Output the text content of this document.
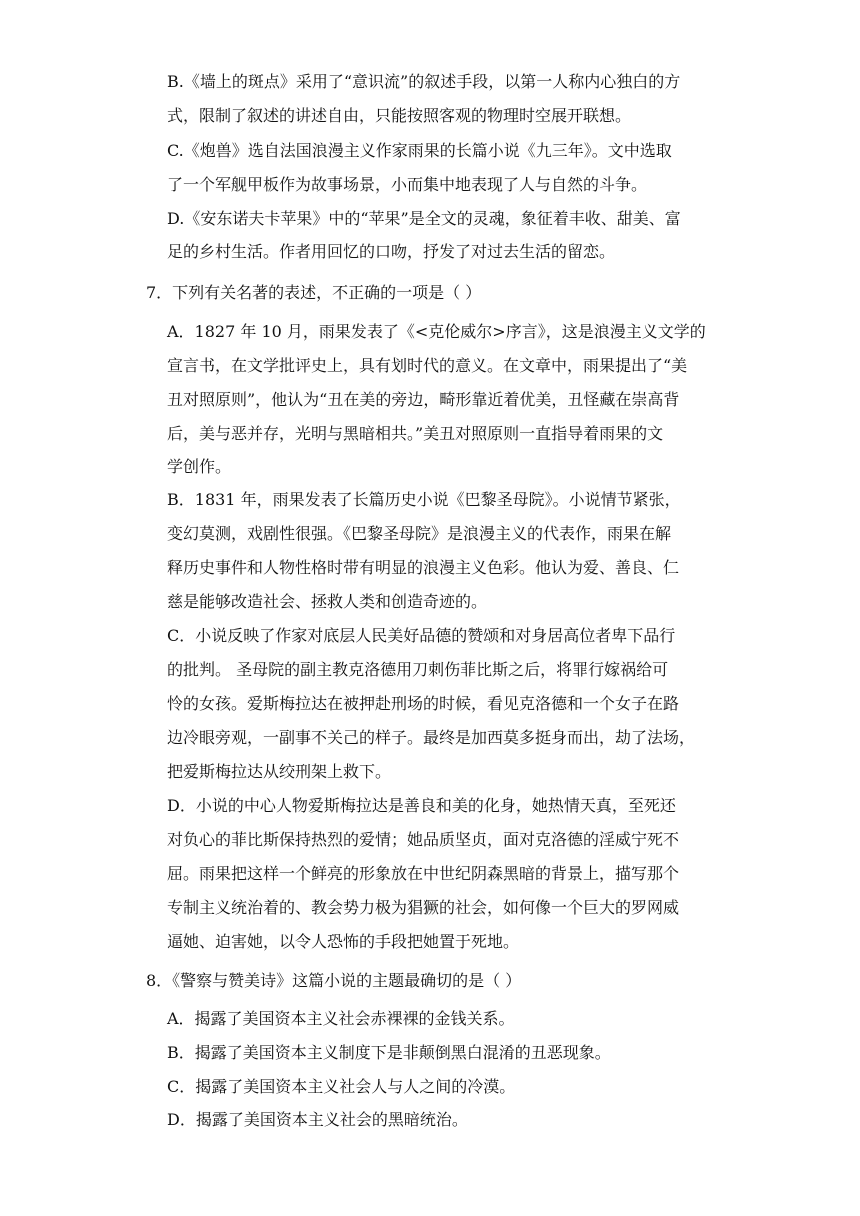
B.《墙上的斑点》采用了“意识流”的叙述手段，以第一人称内心独白的方
式，限制了叙述的讲述自由，只能按照客观的物理时空展开联想。
C.《炮兽》选自法国浪漫主义作家雨果的长篇小说《九三年》。文中选取
了一个军舰甲板作为故事场景，小而集中地表现了人与自然的斗争。
D.《安东诺夫卡苹果》中的“苹果”是全文的灵魂，象征着丰收、甜美、富
足的乡村生活。作者用回忆的口吻，抒发了对过去生活的留恋。
7．下列有关名著的表述，不正确的一项是（ ）
A．1827 年 10 月，雨果发表了《<克伦威尔>序言》，这是浪漫主义文学的
宣言书，在文学批评史上，具有划时代的意义。在文章中，雨果提出了“美
丑对照原则”，他认为“丑在美的旁边，畸形靠近着优美，丑怪藏在崇高背
后，美与恶并存，光明与黑暗相共。”美丑对照原则一直指导着雨果的文
学创作。
B．1831 年，雨果发表了长篇历史小说《巴黎圣母院》。小说情节紧张，
变幻莫测，戏剧性很强。《巴黎圣母院》是浪漫主义的代表作，雨果在解
释历史事件和人物性格时带有明显的浪漫主义色彩。他认为爱、善良、仁
慈是能够改造社会、拯救人类和创造奇迹的。
C．小说反映了作家对底层人民美好品德的赞颂和对身居高位者卑下品行
的批判。 圣母院的副主教克洛德用刀刺伤菲比斯之后，将罪行嫁祸给可
怜的女孩。爱斯梅拉达在被押赴刑场的时候，看见克洛德和一个女子在路
边冷眼旁观，一副事不关己的样子。最终是加西莫多挺身而出，劫了法场，
把爱斯梅拉达从绞刑架上救下。
D．小说的中心人物爱斯梅拉达是善良和美的化身，她热情天真，至死还
对负心的菲比斯保持热烈的爱情；她品质坚贞，面对克洛德的淫威宁死不
屈。雨果把这样一个鲜亮的形象放在中世纪阴森黑暗的背景上，描写那个
专制主义统治着的、教会势力极为猖獗的社会，如何像一个巨大的罗网威
逼她、迫害她，以令人恐怖的手段把她置于死地。
8．《警察与赞美诗》这篇小说的主题最确切的是（ ）
A．揭露了美国资本主义社会赤裸裸的金钱关系。
B．揭露了美国资本主义制度下是非颠倒黑白混淆的丑恶现象。
C．揭露了美国资本主义社会人与人之间的冷漠。
D．揭露了美国资本主义社会的黑暗统治。
